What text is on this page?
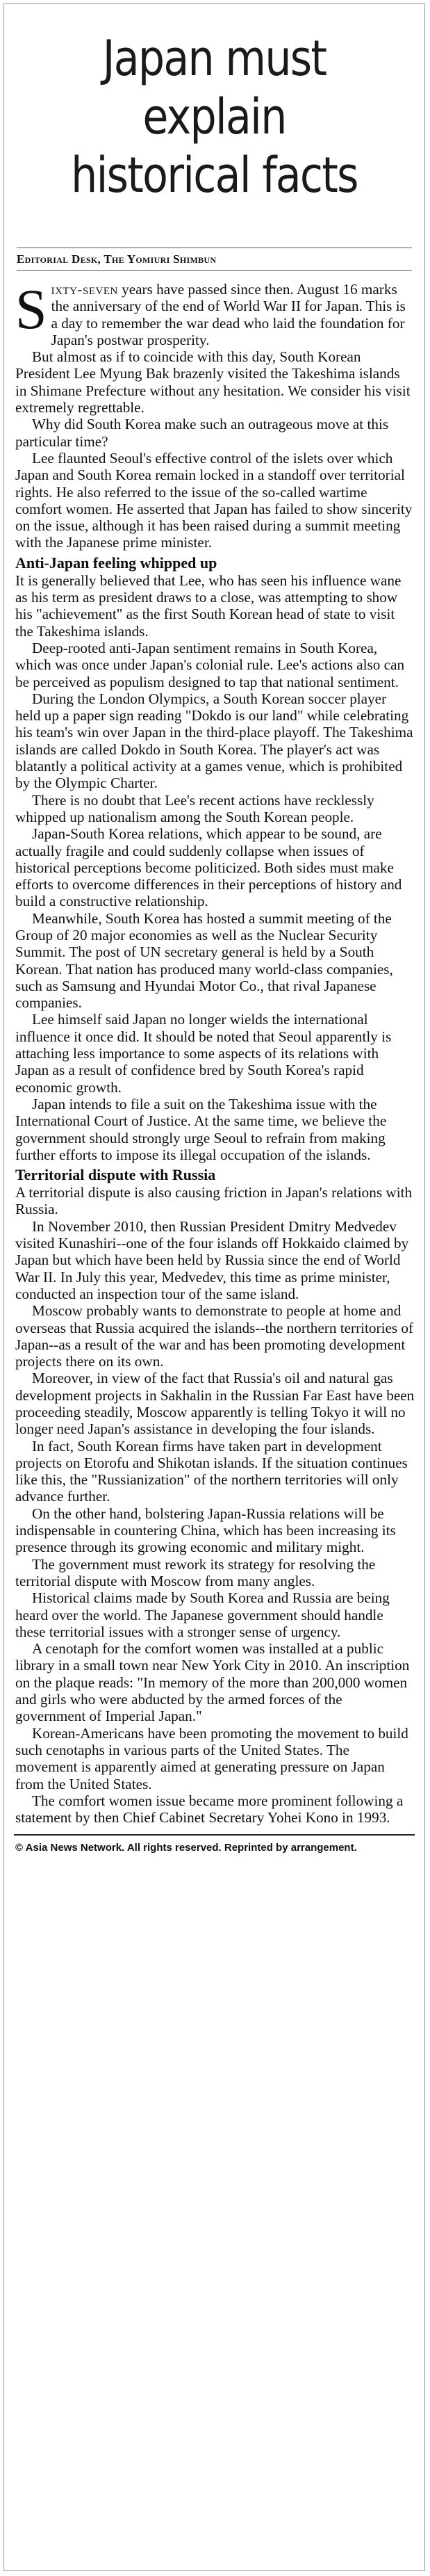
Japan must
explain
historical facts
Editorial Desk, The Yomiuri Shimbun

Sixty-seven years have passed since then. August 16 marks the anniversary of the end of World War II for Japan. This is a day to remember the war dead who laid the foundation for Japan's postwar prosperity.

But almost as if to coincide with this day, South Korean President Lee Myung Bak brazenly visited the Takeshima islands in Shimane Prefecture without any hesitation. We consider his visit extremely regrettable.

Why did South Korea make such an outrageous move at this particular time?

Lee flaunted Seoul's effective control of the islets over which Japan and South Korea remain locked in a standoff over territorial rights. He also referred to the issue of the so-called wartime comfort women. He asserted that Japan has failed to show sincerity on the issue, although it has been raised during a summit meeting with the Japanese prime minister.

Anti-Japan feeling whipped up

It is generally believed that Lee, who has seen his influence wane as his term as president draws to a close, was attempting to show his "achievement" as the first South Korean head of state to visit the Takeshima islands.

Deep-rooted anti-Japan sentiment remains in South Korea, which was once under Japan's colonial rule. Lee's actions also can be perceived as populism designed to tap that national sentiment.

During the London Olympics, a South Korean soccer player held up a paper sign reading "Dokdo is our land" while celebrating his team's win over Japan in the third-place playoff. The Takeshima islands are called Dokdo in South Korea. The player's act was blatantly a political activity at a games venue, which is prohibited by the Olympic Charter.

There is no doubt that Lee's recent actions have recklessly whipped up nationalism among the South Korean people.

Japan-South Korea relations, which appear to be sound, are actually fragile and could suddenly collapse when issues of historical perceptions become politicized. Both sides must make efforts to overcome differences in their perceptions of history and build a constructive relationship.

Meanwhile, South Korea has hosted a summit meeting of the Group of 20 major economies as well as the Nuclear Security Summit. The post of UN secretary general is held by a South Korean. That nation has produced many world-class companies, such as Samsung and Hyundai Motor Co., that rival Japanese companies.

Lee himself said Japan no longer wields the international influence it once did. It should be noted that Seoul apparently is attaching less importance to some aspects of its relations with Japan as a result of confidence bred by South Korea's rapid economic growth.

Japan intends to file a suit on the Takeshima issue with the International Court of Justice. At the same time, we believe the government should strongly urge Seoul to refrain from making further efforts to impose its illegal occupation of the islands.

Territorial dispute with Russia

A territorial dispute is also causing friction in Japan's relations with Russia.

In November 2010, then Russian President Dmitry Medvedev visited Kunashiri--one of the four islands off Hokkaido claimed by Japan but which have been held by Russia since the end of World War II. In July this year, Medvedev, this time as prime minister, conducted an inspection tour of the same island.

Moscow probably wants to demonstrate to people at home and overseas that Russia acquired the islands--the northern territories of Japan--as a result of the war and has been promoting development projects there on its own.

Moreover, in view of the fact that Russia's oil and natural gas development projects in Sakhalin in the Russian Far East have been proceeding steadily, Moscow apparently is telling Tokyo it will no longer need Japan's assistance in developing the four islands.

In fact, South Korean firms have taken part in development projects on Etorofu and Shikotan islands. If the situation continues like this, the "Russianization" of the northern territories will only advance further.

On the other hand, bolstering Japan-Russia relations will be indispensable in countering China, which has been increasing its presence through its growing economic and military might.

The government must rework its strategy for resolving the territorial dispute with Moscow from many angles.

Historical claims made by South Korea and Russia are being heard over the world. The Japanese government should handle these territorial issues with a stronger sense of urgency.

A cenotaph for the comfort women was installed at a public library in a small town near New York City in 2010. An inscription on the plaque reads: "In memory of the more than 200,000 women and girls who were abducted by the armed forces of the government of Imperial Japan."

Korean-Americans have been promoting the movement to build such cenotaphs in various parts of the United States. The movement is apparently aimed at generating pressure on Japan from the United States.

The comfort women issue became more prominent following a statement by then Chief Cabinet Secretary Yohei Kono in 1993.

© Asia News Network. All rights reserved. Reprinted by arrangement.
